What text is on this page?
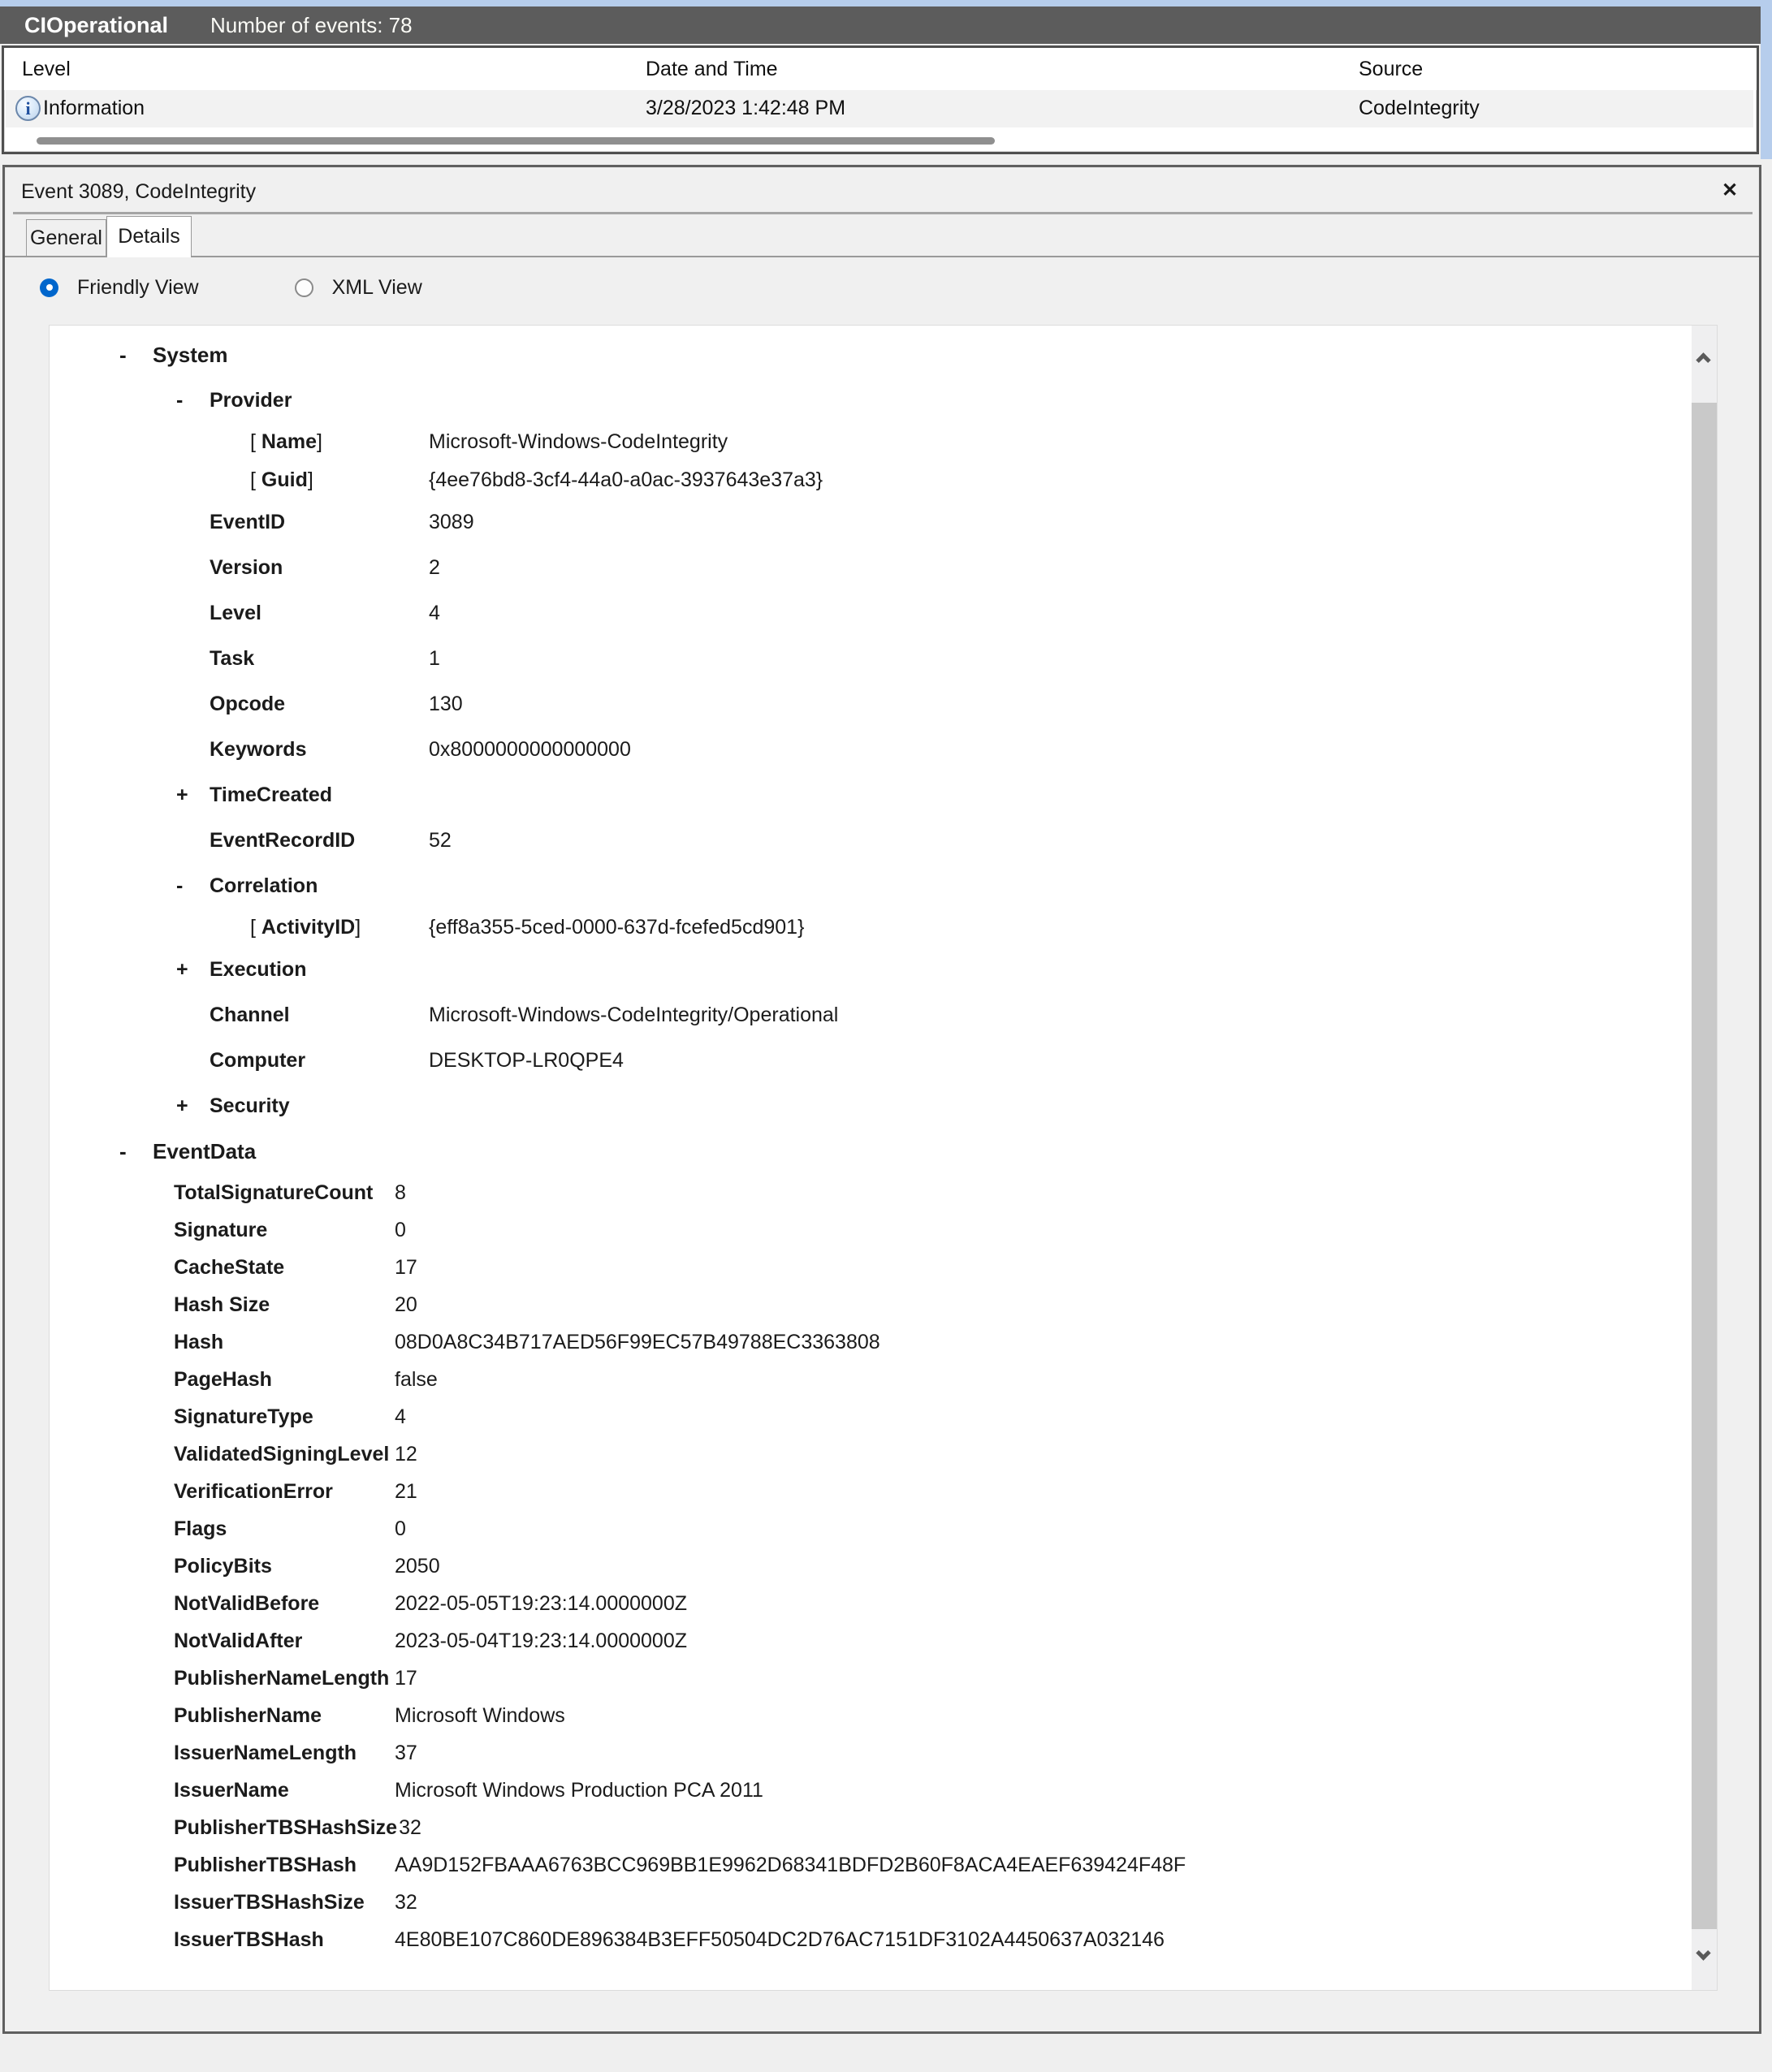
CIOperational Number of events: 78
Level	Date and Time	Source
i Information	3/28/2023 1:42:48 PM	CodeIntegrity
Event 3089, CodeIntegrity	✕
General Details
Friendly View	XML View
-	System
-	Provider
[ Name]	Microsoft-Windows-CodeIntegrity
[ Guid]	{4ee76bd8-3cf4-44a0-a0ac-3937643e37a3}
EventID	3089
Version	2
Level	4
Task	1
Opcode	130
Keywords	0x8000000000000000
+	TimeCreated
EventRecordID	52
-	Correlation
[ ActivityID]	{eff8a355-5ced-0000-637d-fcefed5cd901}
+	Execution
Channel	Microsoft-Windows-CodeIntegrity/Operational
Computer	DESKTOP-LR0QPE4
+	Security
-	EventData
TotalSignatureCount	8
Signature	0
CacheState	17
Hash Size	20
Hash	08D0A8C34B717AED56F99EC57B49788EC3363808
PageHash	false
SignatureType	4
ValidatedSigningLevel 12
VerificationError	21
Flags	0
PolicyBits	2050
NotValidBefore	2022-05-05T19:23:14.0000000Z
NotValidAfter	2023-05-04T19:23:14.0000000Z
PublisherNameLength 17
PublisherName	Microsoft Windows
IssuerNameLength	37
IssuerName	Microsoft Windows Production PCA 2011
PublisherTBSHashSize 32
PublisherTBSHash	AA9D152FBAAA6763BCC969BB1E9962D68341BDFD2B60F8ACA4EAEF639424F48F
IssuerTBSHashSize	32
IssuerTBSHash	4E80BE107C860DE896384B3EFF50504DC2D76AC7151DF3102A4450637A032146
